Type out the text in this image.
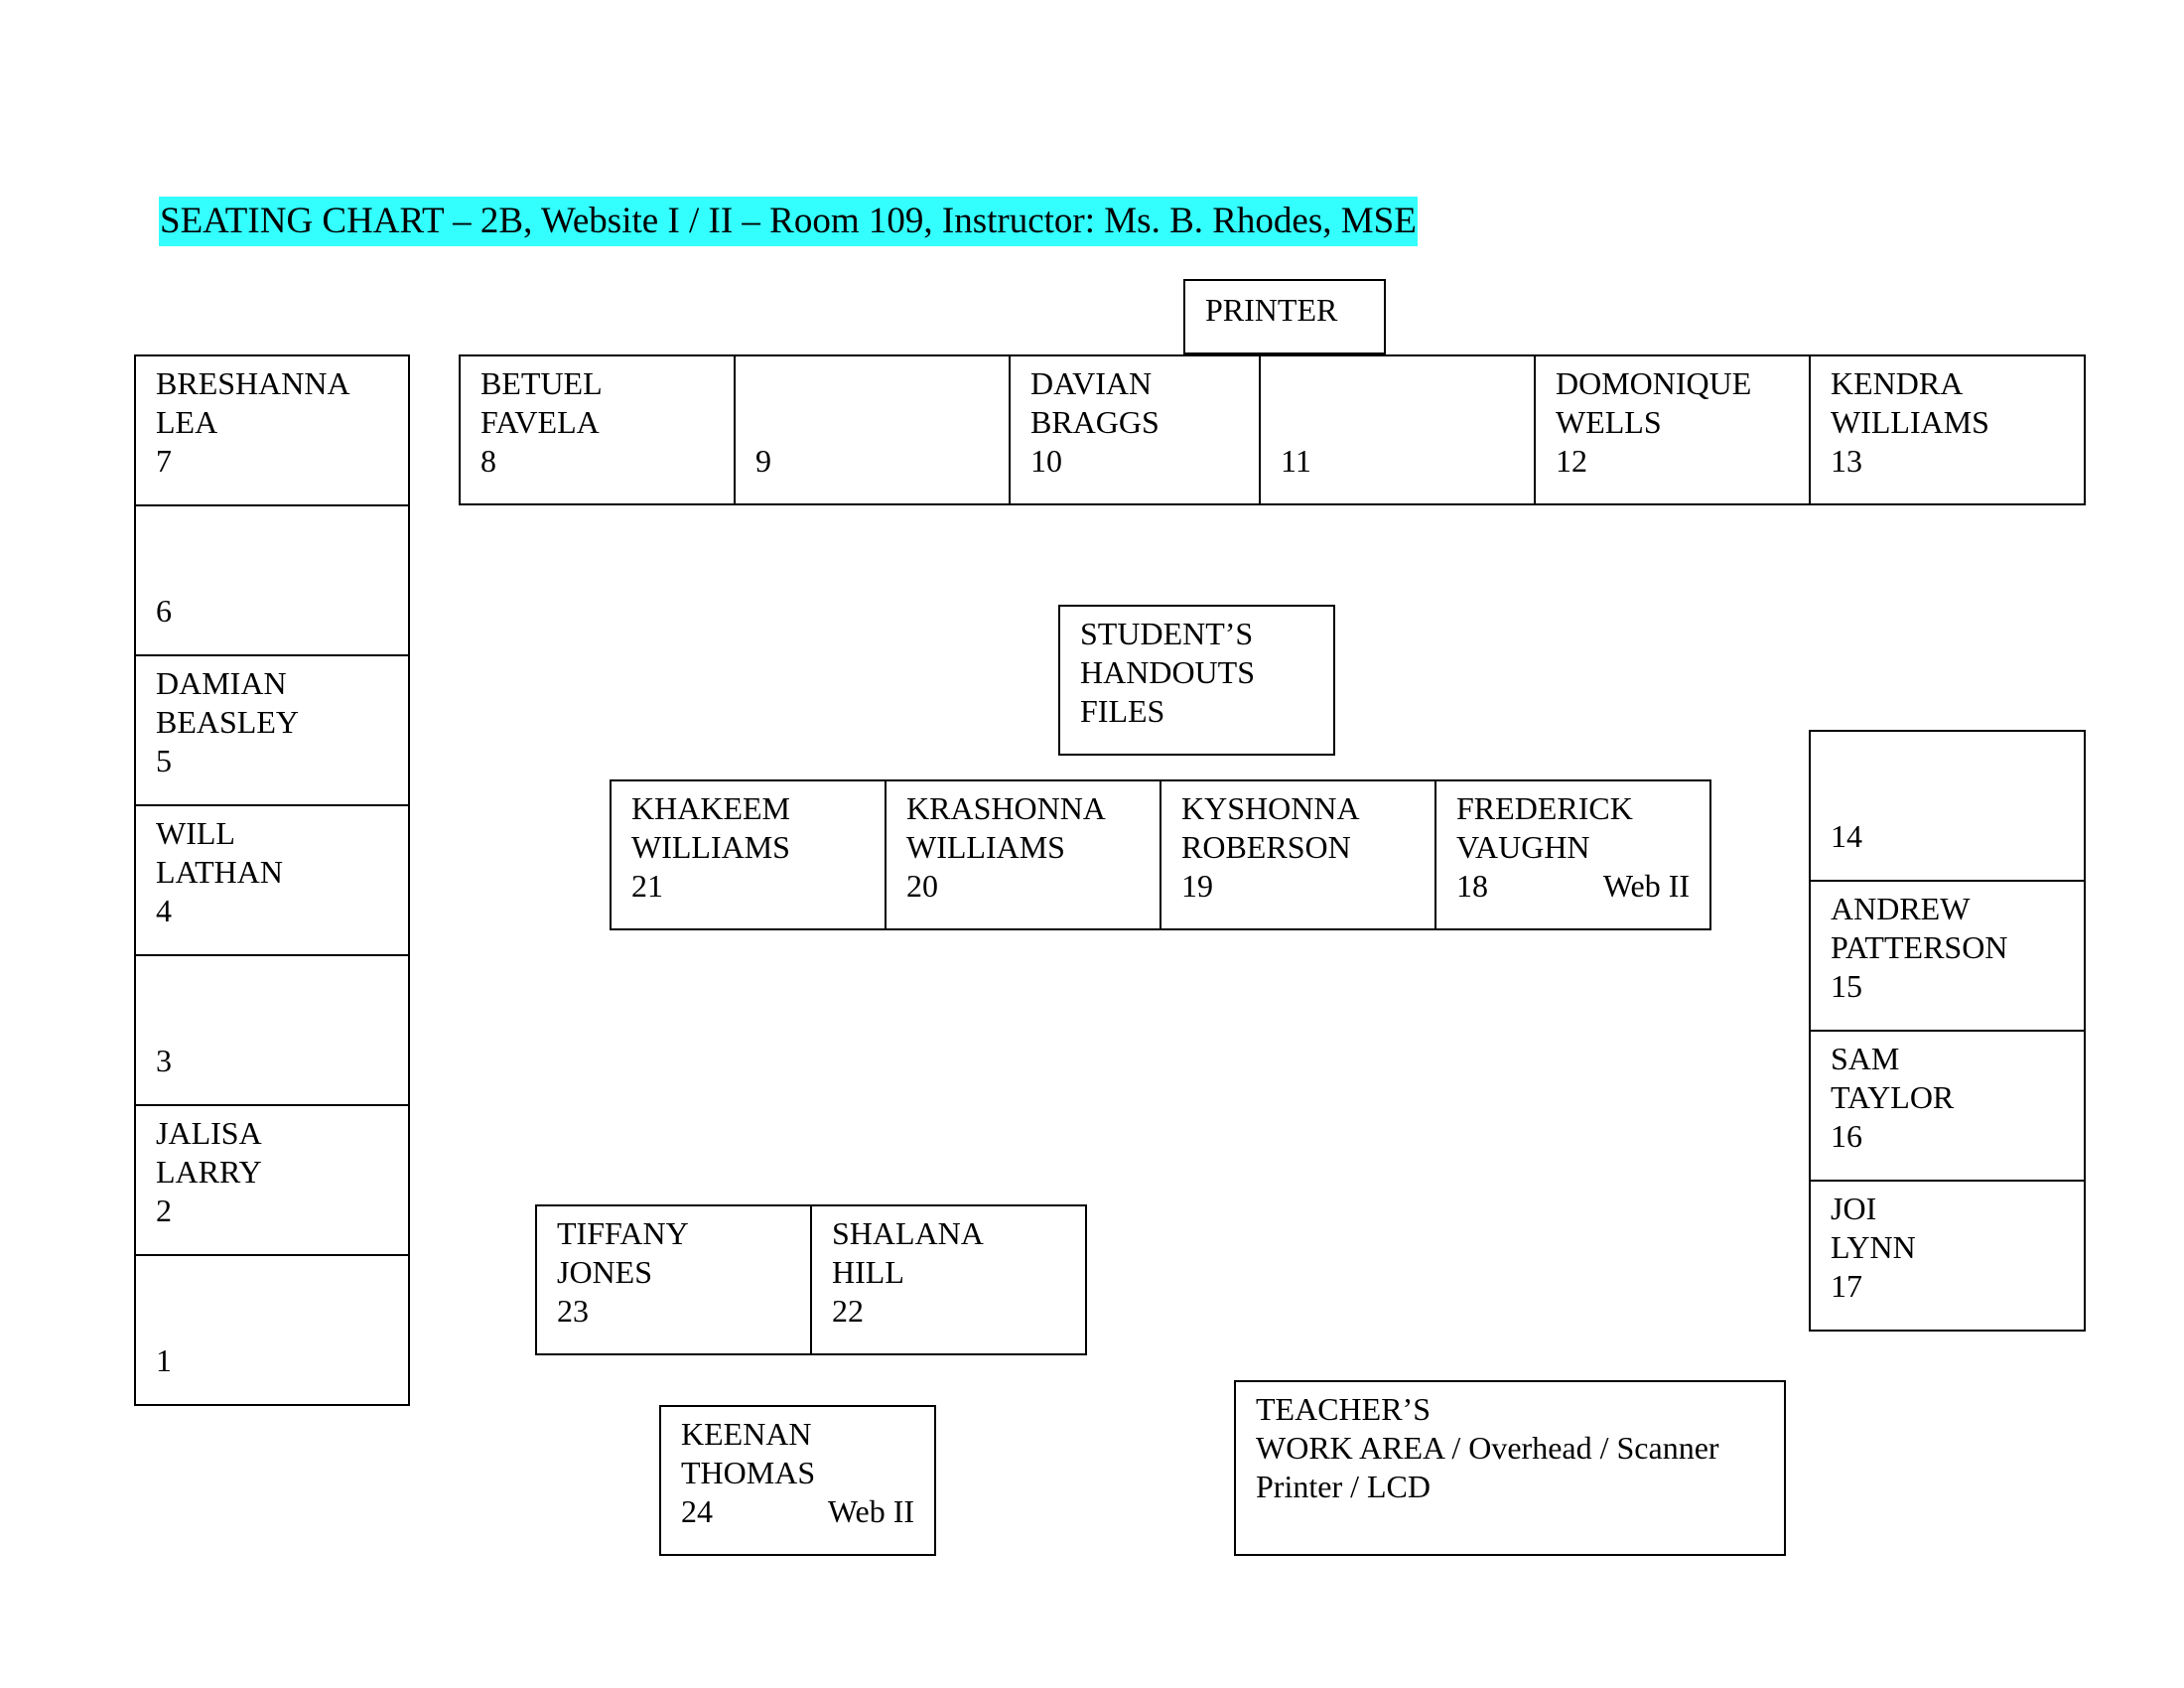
SEATING CHART – 2B, Website I / II – Room 109, Instructor: Ms. B. Rhodes, MSE
PRINTER
BRESHANNA
LEA
7
6
DAMIAN
BEASLEY
5
WILL
LATHAN
4
3
JALISA
LARRY
2
1
BETUEL
FAVELA
8	9
DAVIAN
BRAGGS
10	11
DOMONIQUE
WELLS
12
KENDRA
WILLIAMS
13
STUDENT’S
HANDOUTS
FILES
KHAKEEM
WILLIAMS
21
KRASHONNA
WILLIAMS
20
KYSHONNA
ROBERSON
19
FREDERICK
VAUGHN
18	Web II
14
ANDREW
PATTERSON
15
SAM
TAYLOR
16
JOI
LYNN
17
TIFFANY
JONES
23
SHALANA
HILL
22
KEENAN
THOMAS
24	Web II
TEACHER’S
WORK AREA / Overhead / Scanner
Printer / LCD
